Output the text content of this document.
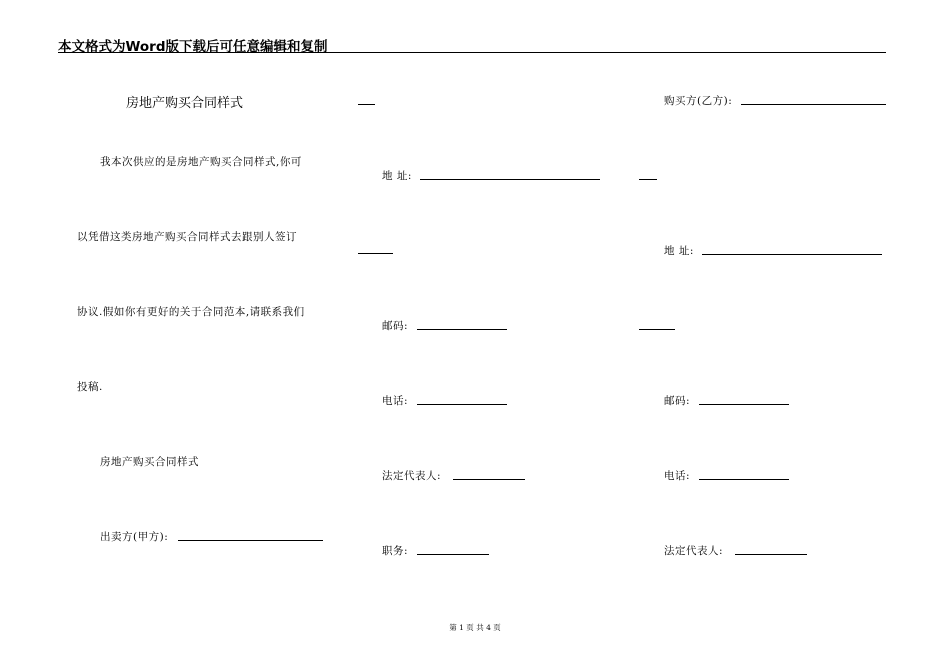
本文格式为Word版下载后可任意编辑和复制
房地产购买合同样式
我本次供应的是房地产购买合同样式,你可
以凭借这类房地产购买合同样式去跟别人签订
协议.假如你有更好的关于合同范本,请联系我们
投稿.
房地产购买合同样式
出卖方(甲方):
地 址:
邮码:
电话:
法定代表人:
职务:
购买方(乙方):
地 址:
邮码:
电话:
法定代表人:
第 1 页 共 4 页
